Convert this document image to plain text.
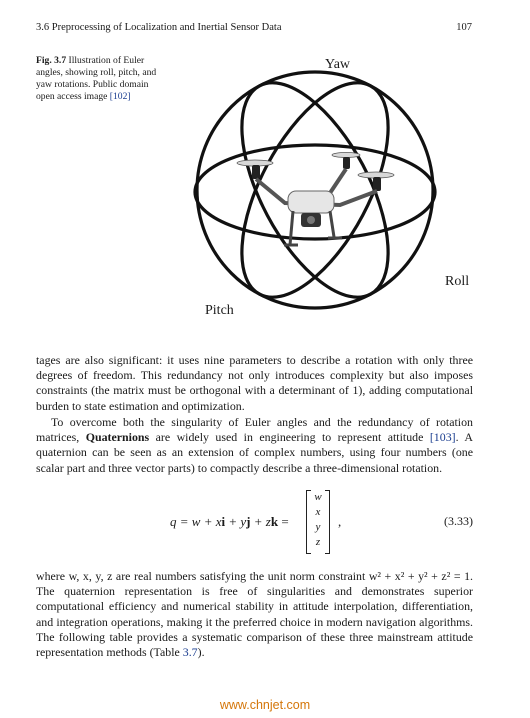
3.6 Preprocessing of Localization and Inertial Sensor Data	107
Fig. 3.7 Illustration of Euler angles, showing roll, pitch, and yaw rotations. Public domain open access image [102]
Yaw
Roll
Pitch

tages are also significant: it uses nine parameters to describe a rotation with only three degrees of freedom. This redundancy not only introduces complexity but also imposes constraints (the matrix must be orthogonal with a determinant of 1), adding computational burden to state estimation and optimization.

To overcome both the singularity of Euler angles and the redundancy of rotation matrices, Quaternions are widely used in engineering to represent attitude [103]. A quaternion can be seen as an extension of complex numbers, using four numbers (one scalar part and three vector parts) to compactly describe a three-dimensional rotation.

q = w + xi + yj + zk =
w
x
y
z
,	(3.33)

where w, x, y, z are real numbers satisfying the unit norm constraint w² + x² + y² + z² = 1. The quaternion representation is free of singularities and demonstrates superior computational efficiency and numerical stability in attitude interpolation, differentiation, and integration operations, making it the preferred choice in modern navigation algorithms. The following table provides a systematic comparison of these three mainstream attitude representation methods (Table 3.7).

www.chnjet.com
